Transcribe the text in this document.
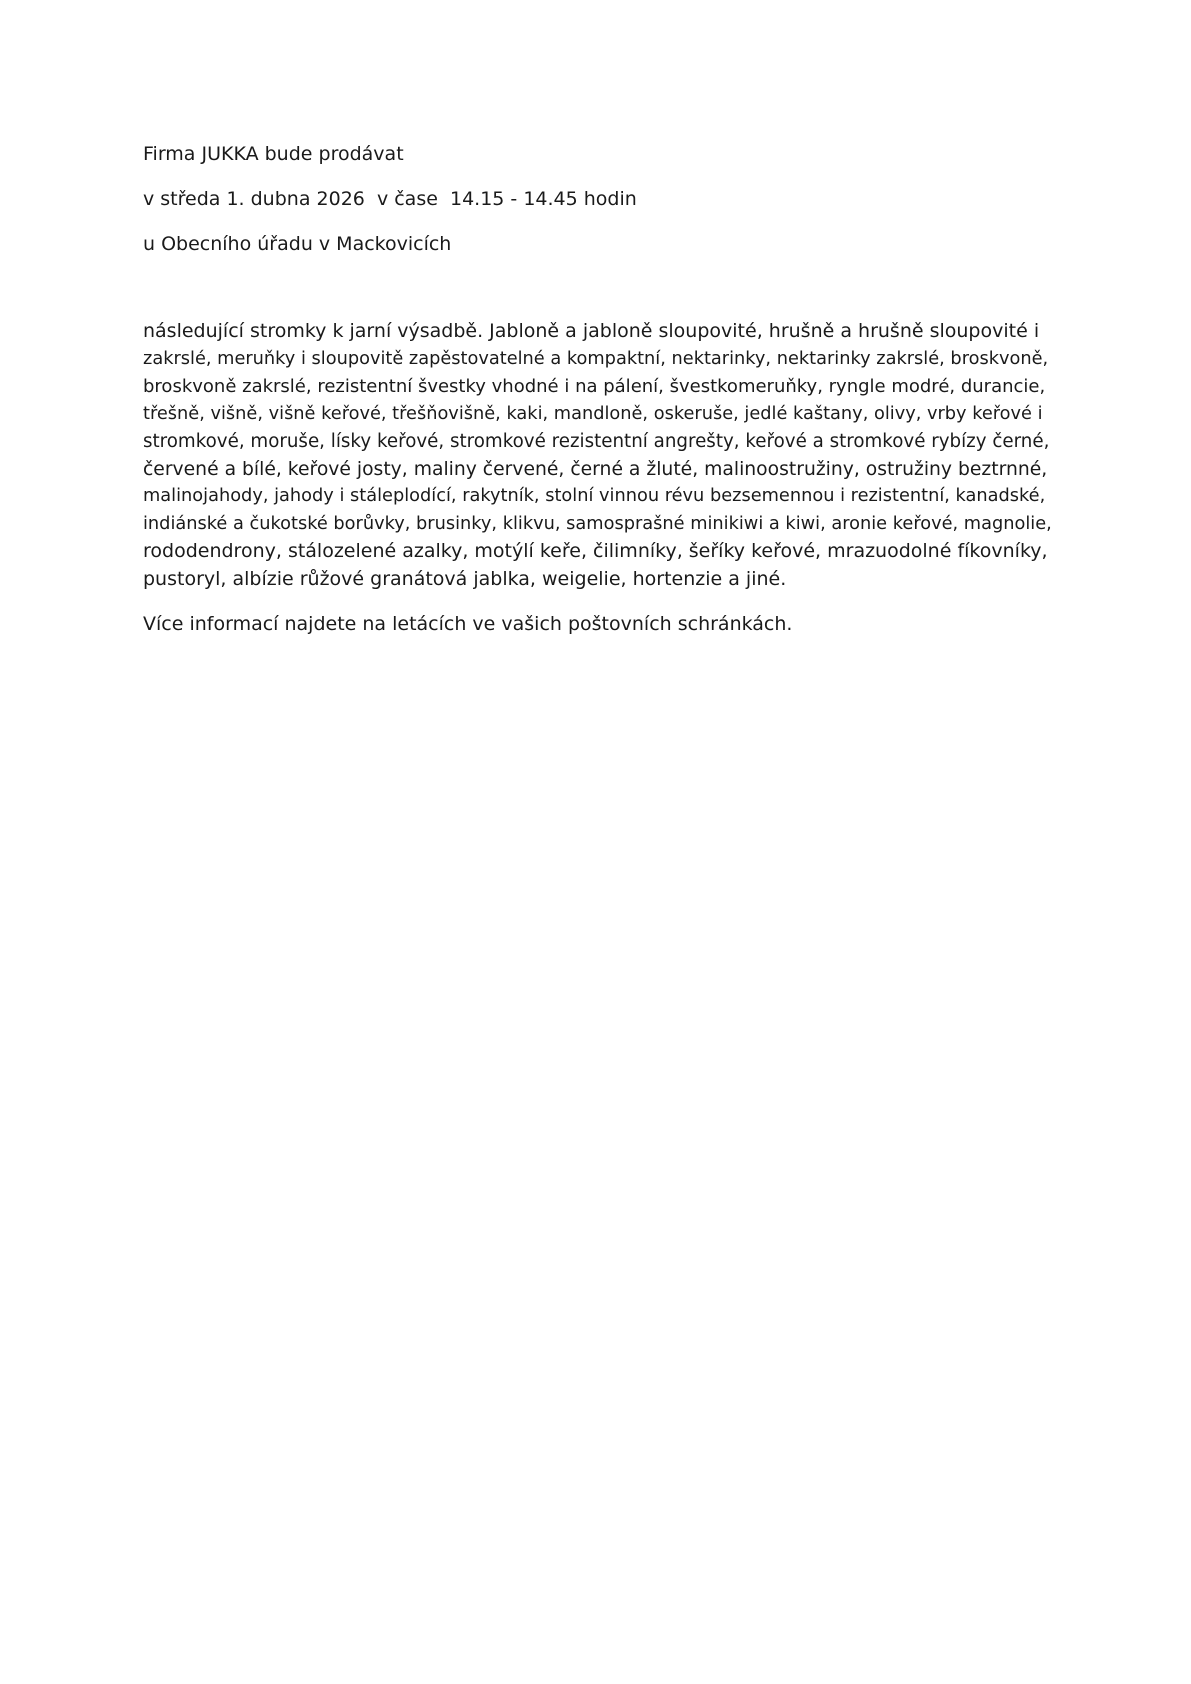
Firma JUKKA bude prodávat

v středa 1. dubna 2026  v čase  14.15 - 14.45 hodin

u Obecního úřadu v Mackovicích

následující stromky k jarní výsadbě. Jabloně a jabloně sloupovité, hrušně a hrušně sloupovité i
zakrslé, meruňky i sloupovitě zapěstovatelné a kompaktní, nektarinky, nektarinky zakrslé, broskvoně,
broskvoně zakrslé, rezistentní švestky vhodné i na pálení, švestkomeruňky, ryngle modré, durancie,
třešně, višně, višně keřové, třešňovišně, kaki, mandloně, oskeruše, jedlé kaštany, olivy, vrby keřové i
stromkové, moruše, lísky keřové, stromkové rezistentní angrešty, keřové a stromkové rybízy černé,
červené a bílé, keřové josty, maliny červené, černé a žluté, malinoostružiny, ostružiny beztrnné,
malinojahody, jahody i stáleplodící, rakytník, stolní vinnou révu bezsemennou i rezistentní, kanadské,
indiánské a čukotské borůvky, brusinky, klikvu, samosprašné minikiwi a kiwi, aronie keřové, magnolie,
rododendrony, stálozelené azalky, motýlí keře, čilimníky, šeříky keřové, mrazuodolné fíkovníky,
pustoryl, albízie růžové granátová jablka, weigelie, hortenzie a jiné.

Více informací najdete na letácích ve vašich poštovních schránkách.
